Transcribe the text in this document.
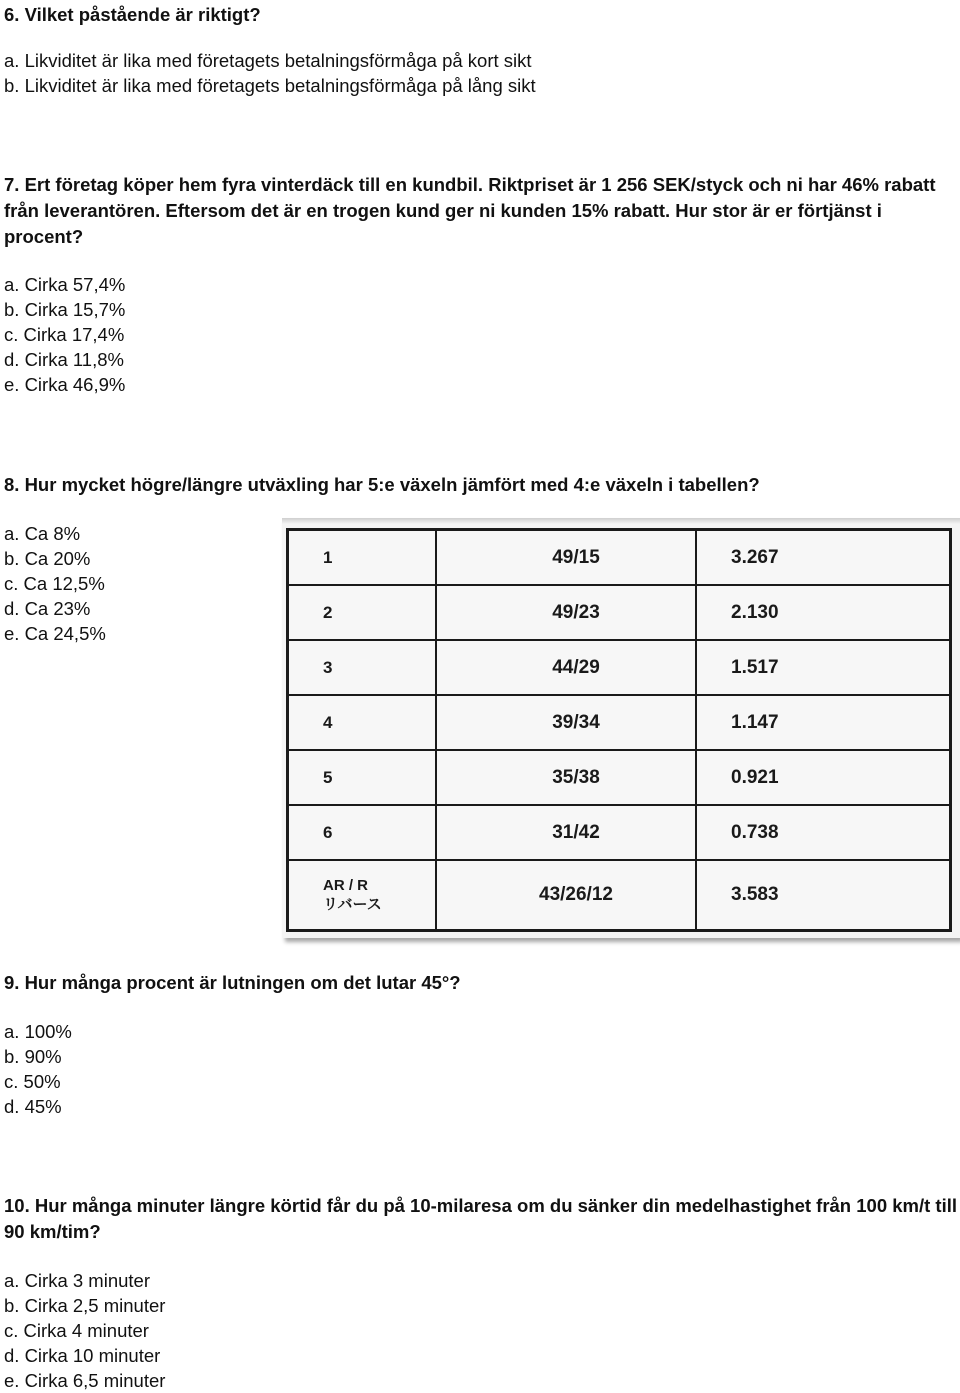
6. Vilket påstående är riktigt?

a. Likviditet är lika med företagets betalningsförmåga på kort sikt
b. Likviditet är lika med företagets betalningsförmåga på lång sikt

7. Ert företag köper hem fyra vinterdäck till en kundbil. Riktpriset är 1 256 SEK/styck och ni har 46% rabatt från leverantören. Eftersom det är en trogen kund ger ni kunden 15% rabatt. Hur stor är er förtjänst i procent?

a. Cirka 57,4%
b. Cirka 15,7%
c. Cirka 17,4%
d. Cirka 11,8%
e. Cirka 46,9%

8. Hur mycket högre/längre utväxling har 5:e växeln jämfört med 4:e växeln i tabellen?

a. Ca 8%
b. Ca 20%
c. Ca 12,5%
d. Ca 23%
e. Ca 24,5%
1	49/15	3.267
2	49/23	2.130
3	44/29	1.517
4	39/34	1.147
5	35/38	0.921
6	31/42	0.738

AR / R
リバース	43/26/12	3.583

9. Hur många procent är lutningen om det lutar 45°?

a. 100%
b. 90%
c. 50%
d. 45%

10. Hur många minuter längre körtid får du på 10-milaresa om du sänker din medelhastighet från 100 km/t till 90 km/tim?

a. Cirka 3 minuter
b. Cirka 2,5 minuter
c. Cirka 4 minuter
d. Cirka 10 minuter
e. Cirka 6,5 minuter
